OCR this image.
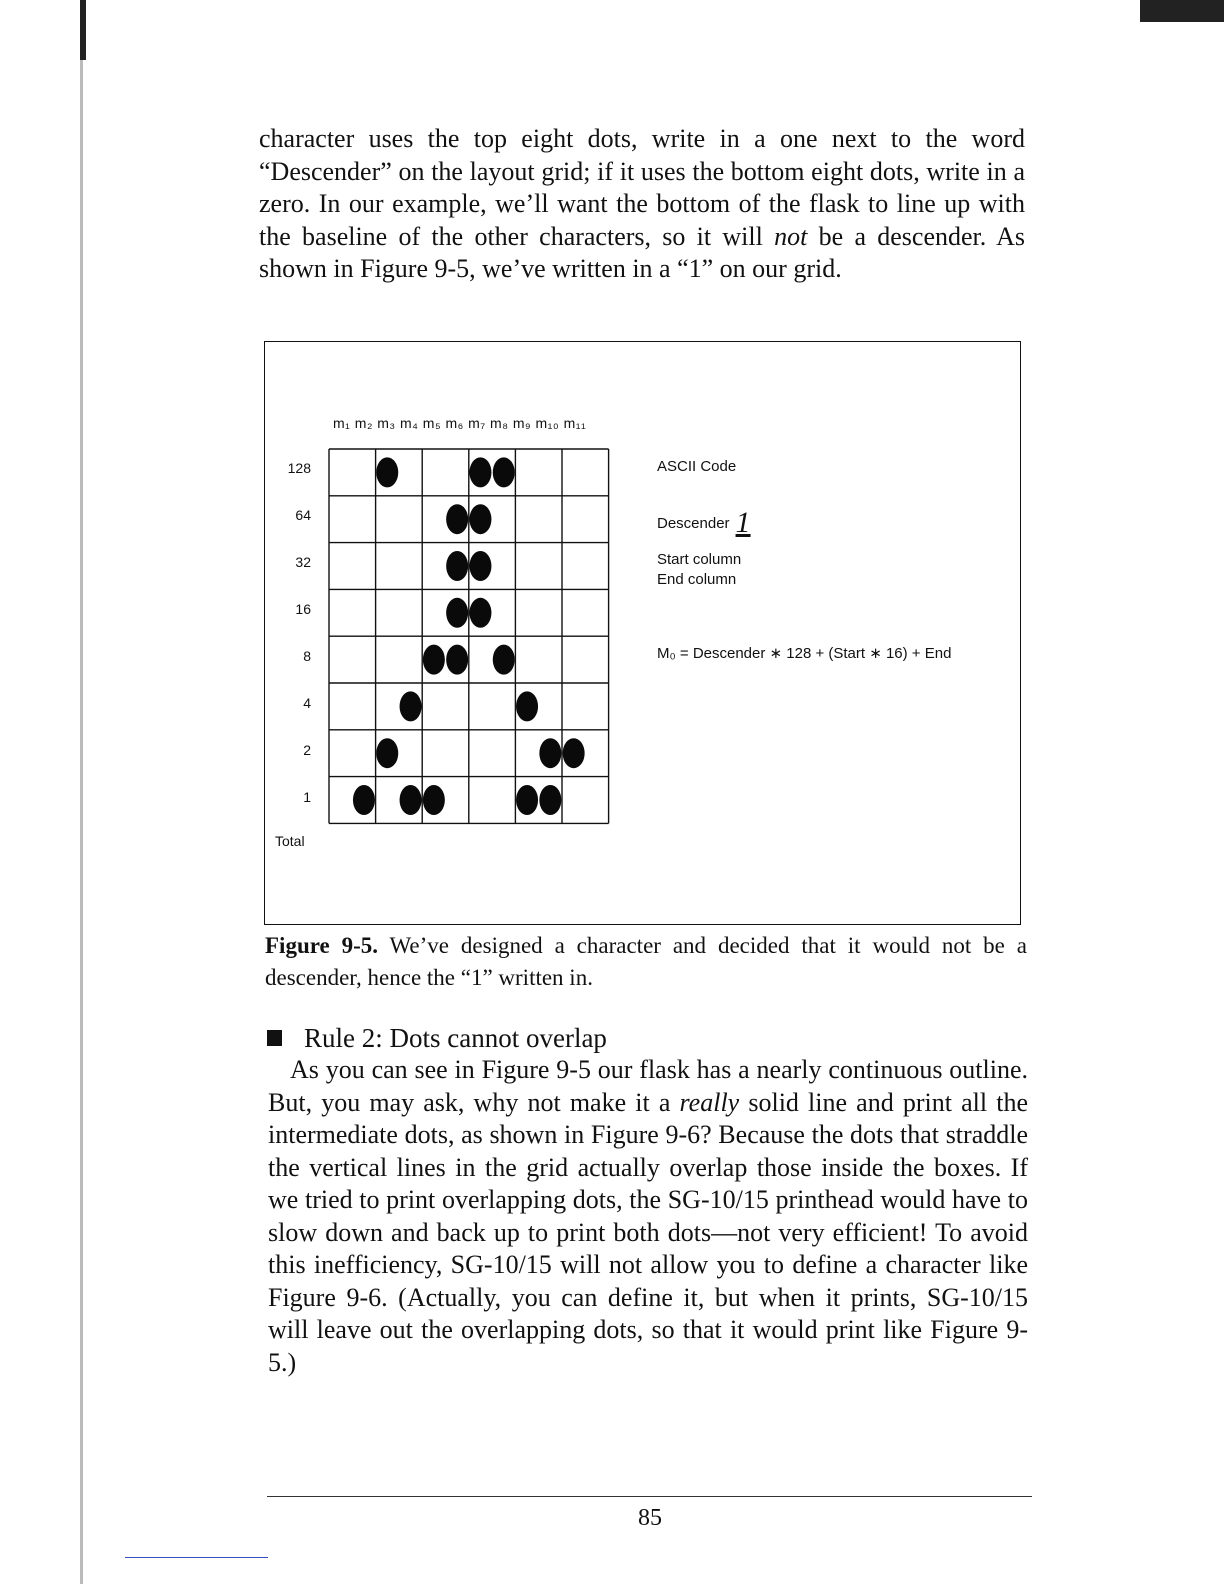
character uses the top eight dots, write in a one next to the word “Descender” on the layout grid; if it uses the bottom eight dots, write in a zero. In our example, we’ll want the bottom of the flask to line up with the baseline of the other characters, so it will not be a descender. As shown in Figure 9-5, we’ve written in a “1” on our grid.

m₁ m₂ m₃ m₄ m₅ m₆ m₇ m₈ m₉ m₁₀ m₁₁
128
64
32
16
8
4
2
1
Total
ASCII Code
Descender 1
Start column
End column
M₀ = Descender ∗ 128 + (Start ∗ 16) + End

Figure 9-5. We’ve designed a character and decided that it would not be a descender, hence the “1” written in.

Rule 2: Dots cannot overlap

As you can see in Figure 9-5 our flask has a nearly continuous outline. But, you may ask, why not make it a really solid line and print all the intermediate dots, as shown in Figure 9-6? Because the dots that straddle the vertical lines in the grid actually overlap those inside the boxes. If we tried to print overlapping dots, the SG-10/15 printhead would have to slow down and back up to print both dots—not very efficient! To avoid this inefficiency, SG-10/15 will not allow you to define a character like Figure 9-6. (Actually, you can define it, but when it prints, SG-10/15 will leave out the overlapping dots, so that it would print like Figure 9-5.)

85
